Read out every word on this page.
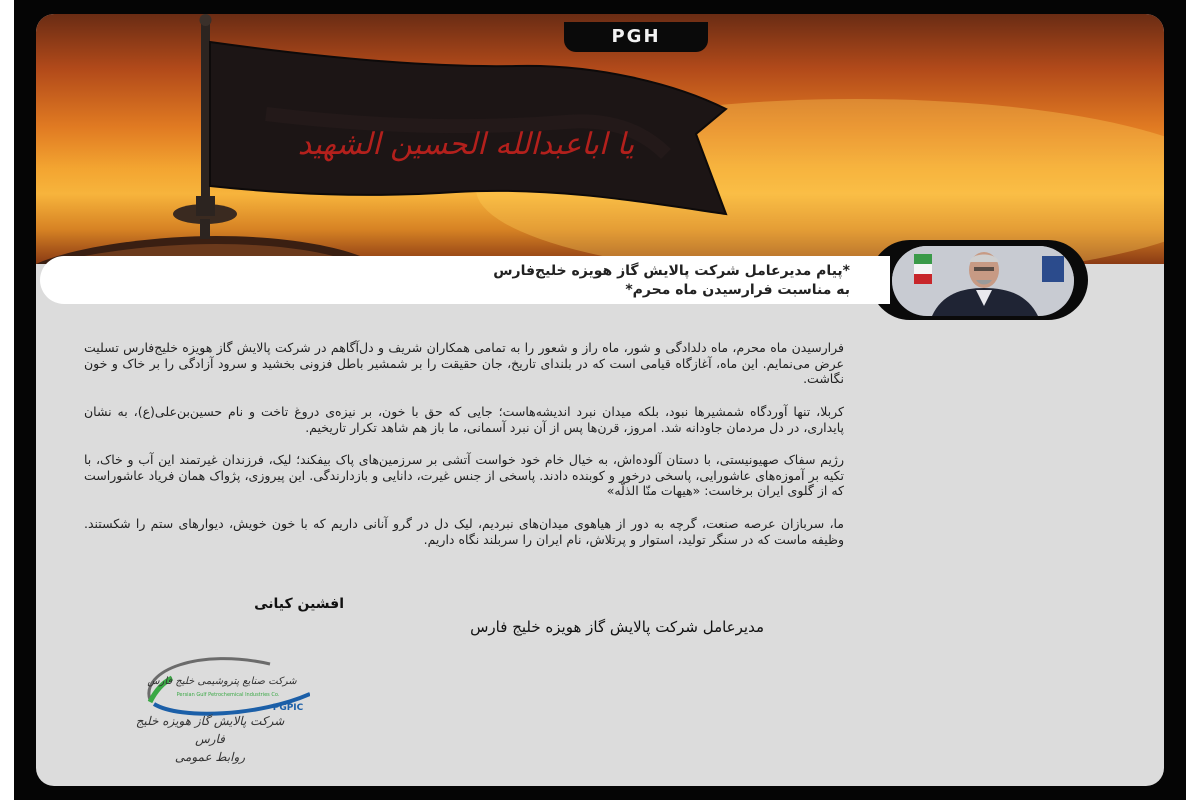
یا اباعبدالله الحسین الشهید
PGH
*پیام مدیرعامل شرکت پالایش گاز هویزه خلیج‌فارس
به مناسبت فرارسیدن ماه محرم*

فرارسیدن ماه محرم، ماه دلدادگی و شور، ماه راز و شعور را به تمامی همکاران شریف و دل‌آگاهم در شرکت پالایش گاز هویزه خلیج‌فارس تسلیت عرض می‌نمایم. این ماه، آغازگاه قیامی است که در بلندای تاریخ، جان حقیقت را بر شمشیر باطل فزونی بخشید و سرود آزادگی را بر خاک و خون نگاشت.

کربلا، تنها آوردگاه شمشیرها نبود، بلکه میدان نبرد اندیشه‌هاست؛ جایی که حق با خون، بر نیزه‌ی دروغ تاخت و نام حسین‌بن‌علی(ع)، به نشان پایداری، در دل مردمان جاودانه شد. امروز، قرن‌ها پس از آن نبرد آسمانی، ما باز هم شاهد تکرار تاریخیم.

رژیم سفاک صهیونیستی، با دستان آلوده‌اش، به خیال خام خود خواست آتشی بر سرزمین‌های پاک بیفکند؛ لیک، فرزندان غیرتمند این آب و خاک، با تکیه بر آموزه‌های عاشورایی، پاسخی درخور و کوبنده دادند. پاسخی از جنس غیرت، دانایی و بازدارندگی. این پیروزی، پژواک همان فریاد عاشوراست که از گلوی ایران برخاست: «هیهات منّا الذلّه»

ما، سربازان عرصه صنعت، گرچه به دور از هیاهوی میدان‌های نبردیم، لیک دل در گرو آنانی داریم که با خون خویش، دیوارهای ستم را شکستند. وظیفه ماست که در سنگر تولید، استوار و پرتلاش، نام ایران را سربلند نگاه داریم.

افشین کیانی
مدیرعامل شرکت پالایش گاز هویزه خلیج فارس
شرکت صنایع پتروشیمی خلیج فارس
Persian Gulf Petrochemical Industries Co.
PGPIC
شرکت پالایش گاز هویزه خلیج فارس
روابط عمومی
